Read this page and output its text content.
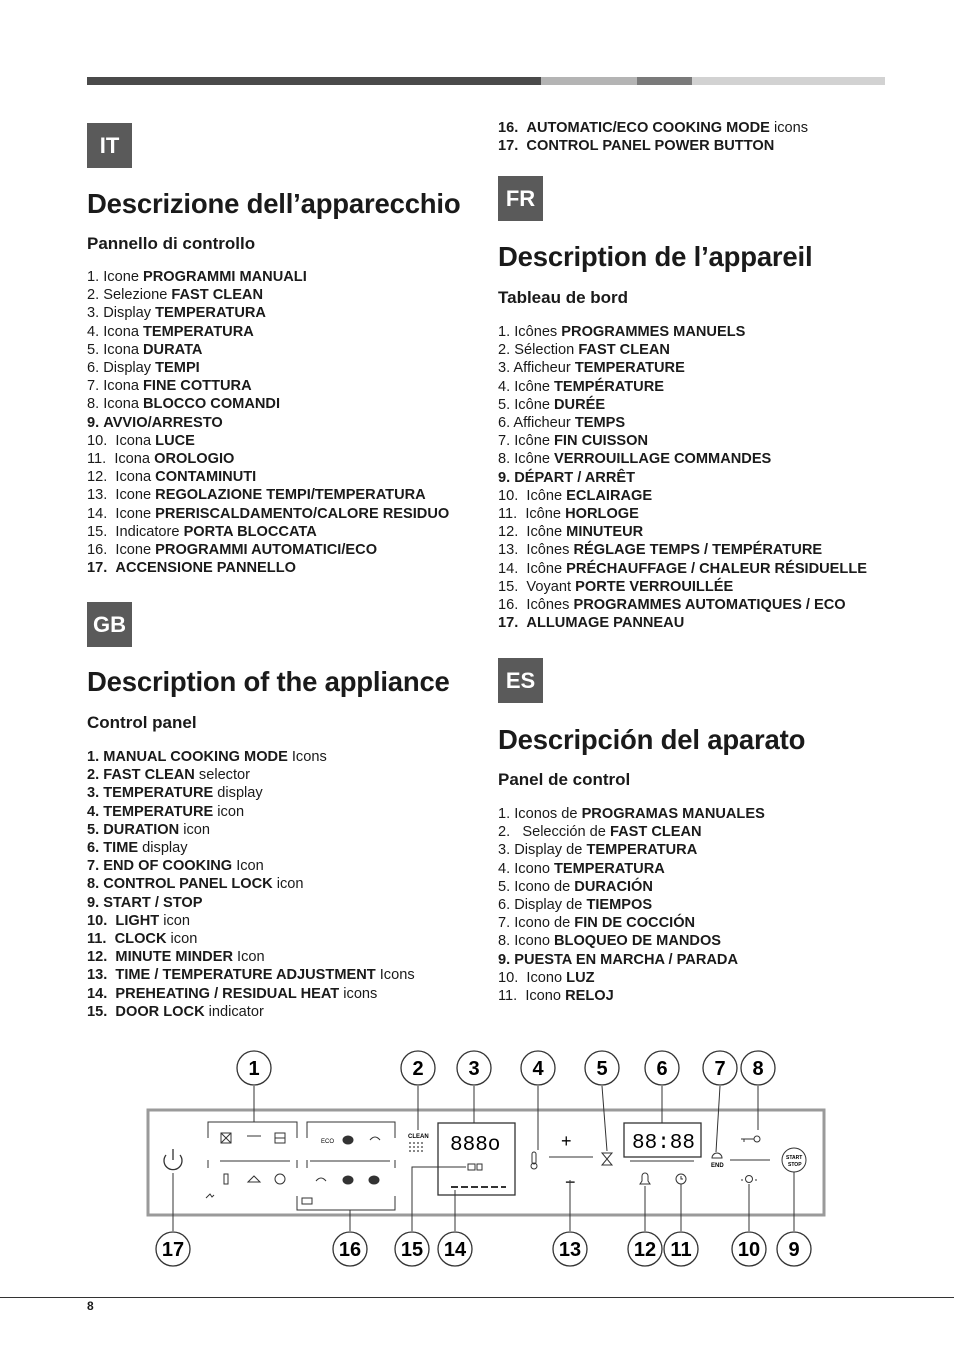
IT
Descrizione dell’apparecchio
Pannello di controllo
1. Icone PROGRAMMI MANUALI
2. Selezione FAST CLEAN
3. Display TEMPERATURA
4. Icona TEMPERATURA
5. Icona DURATA
6. Display TEMPI
7. Icona FINE COTTURA
8. Icona BLOCCO COMANDI
9. AVVIO/ARRESTO
10.  Icona LUCE
11.  Icona OROLOGIO
12.  Icona CONTAMINUTI
13.  Icone REGOLAZIONE TEMPI/TEMPERATURA
14.  Icone PRERISCALDAMENTO/CALORE RESIDUO
15.  Indicatore PORTA BLOCCATA
16.  Icone PROGRAMMI AUTOMATICI/ECO
17. ACCENSIONE PANNELLO
GB
Description of the appliance
Control panel
1. MANUAL COOKING MODE Icons
2. FAST CLEAN selector
3. TEMPERATURE display
4. TEMPERATURE icon
5. DURATION icon
6. TIME display
7. END OF COOKING Icon
8. CONTROL PANEL LOCK icon
9. START / STOP
10. LIGHT icon
11. CLOCK icon
12. MINUTE MINDER Icon
13. TIME / TEMPERATURE ADJUSTMENT Icons
14. PREHEATING / RESIDUAL HEAT icons
15. DOOR LOCK indicator
16. AUTOMATIC/ECO COOKING MODE icons
17. CONTROL PANEL POWER BUTTON
FR
Description de l’appareil
Tableau de bord
1. Icônes PROGRAMMES MANUELS
2. Sélection FAST CLEAN
3. Afficheur TEMPERATURE
4. Icône TEMPÉRATURE
5. Icône DURÉE
6. Afficheur TEMPS
7. Icône FIN CUISSON
8. Icône VERROUILLAGE COMMANDES
9. DÉPART / ARRÊT
10.  Icône ECLAIRAGE
11.  Icône HORLOGE
12.  Icône MINUTEUR
13.  Icônes RÉGLAGE TEMPS / TEMPÉRATURE
14.  Icône PRÉCHAUFFAGE / CHALEUR RÉSIDUELLE
15.  Voyant PORTE VERROUILLÉE
16.  Icônes PROGRAMMES AUTOMATIQUES / ECO
17. ALLUMAGE PANNEAU
ES
Descripción del aparato
Panel de control
1. Iconos de PROGRAMAS MANUALES
2.   Selección de FAST CLEAN
3. Display de TEMPERATURA
4. Icono TEMPERATURA
5. Icono de DURACIÓN
6. Display de TIEMPOS
7. Icono de FIN DE COCCIÓN
8. Icono BLOQUEO DE MANDOS
9. PUESTA EN MARCHA / PARADA
10.  Icono LUZ
11.  Icono RELOJ
ECO
CLEAN 888o	+
−
88:88
END
START
STOP
1	2 3	4	5 6 7 8
17	16 15 14	13	12 11 10 9
8
